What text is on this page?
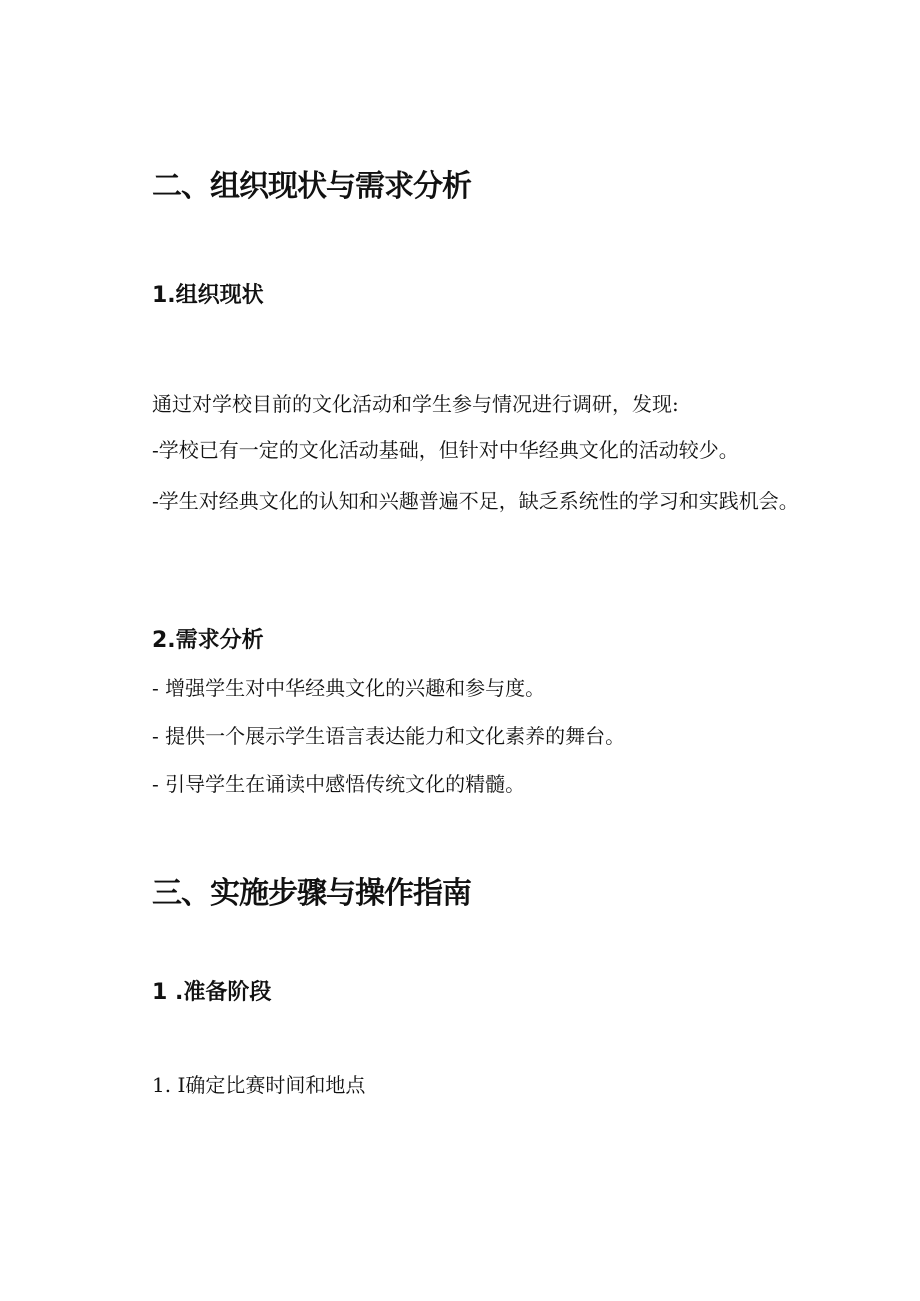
二、组织现状与需求分析
1.组织现状
通过对学校目前的文化活动和学生参与情况进行调研，发现:
-学校已有一定的文化活动基础，但针对中华经典文化的活动较少。

-学生对经典文化的认知和兴趣普遍不足，缺乏系统性的学习和实践机会。

2.需求分析
- 增强学生对中华经典文化的兴趣和参与度。
- 提供一个展示学生语言表达能力和文化素养的舞台。
- 引导学生在诵读中感悟传统文化的精髓。
三、实施步骤与操作指南
1 .准备阶段
1. I确定比赛时间和地点
